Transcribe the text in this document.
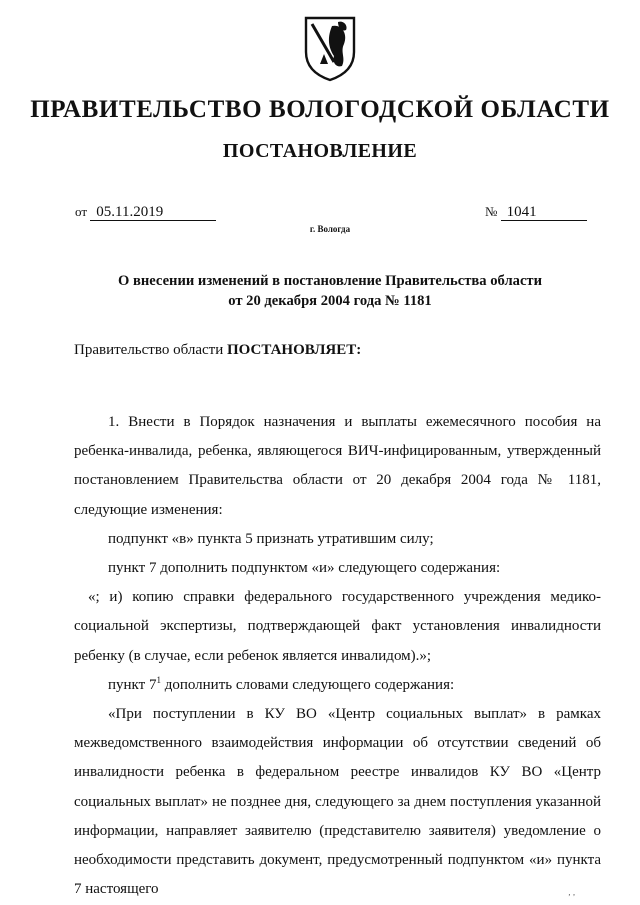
ПРАВИТЕЛЬСТВО ВОЛОГОДСКОЙ ОБЛАСТИ
ПОСТАНОВЛЕНИЕ
от 05.11.2019	№ 1041
г. Вологда
О внесении изменений в постановление Правительства области
от 20 декабря 2004 года № 1181
Правительство области ПОСТАНОВЛЯЕТ:

1. Внести в Порядок назначения и выплаты ежемесячного пособия на ребенка-инвалида, ребенка, являющегося ВИЧ-инфицированным, утвержденный постановлением Правительства области от 20 декабря 2004 года № 1181, следующие изменения:

подпункт «в» пункта 5 признать утратившим силу;

пункт 7 дополнить подпунктом «и» следующего содержания:

«; и) копию справки федерального государственного учреждения медико-социальной экспертизы, подтверждающей факт установления инвалидности ребенку (в случае, если ребенок является инвалидом).»;

пункт $7^1$ дополнить словами следующего содержания:

«При поступлении в КУ ВО «Центр социальных выплат» в рамках межведомственного взаимодействия информации об отсутствии сведений об инвалидности ребенка в федеральном реестре инвалидов КУ ВО «Центр социальных выплат» не позднее дня, следующего за днем поступления указанной информации, направляет заявителю (представителю заявителя) уведомление о необходимости представить документ, предусмотренный подпунктом «и» пункта 7 настоящего	‚ ‚
